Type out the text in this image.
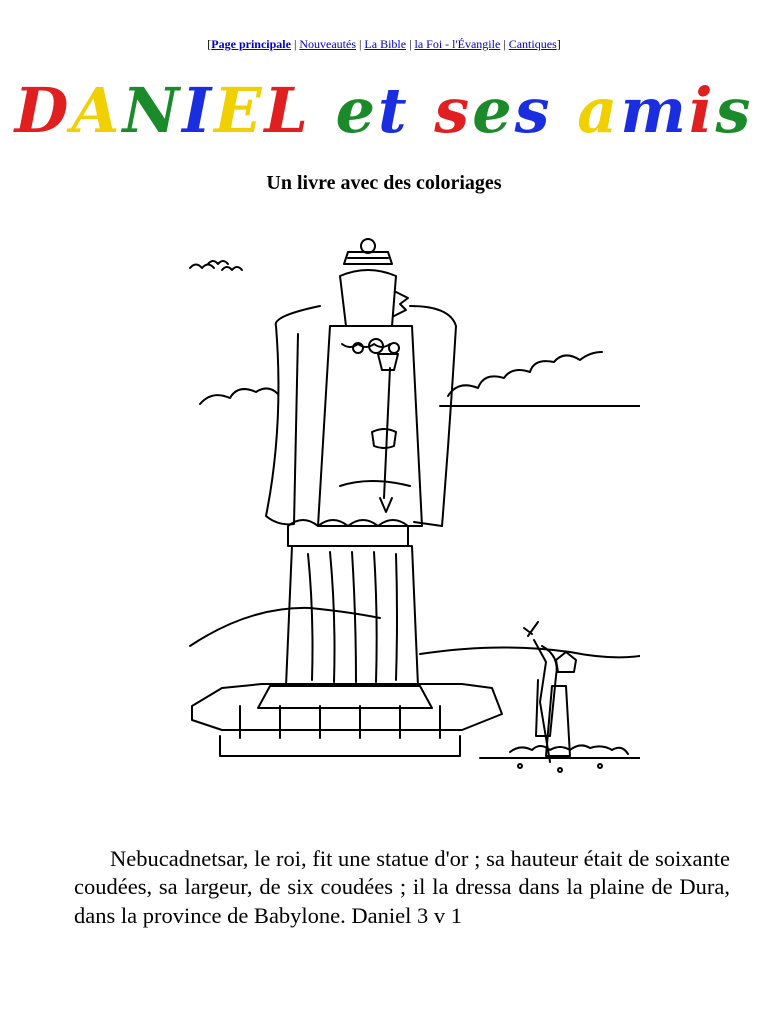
[Page principale | Nouveautés | La Bible | la Foi - l'Évangile | Cantiques]
DANIEL et ses amis
Un livre avec des coloriages

Nebucadnetsar, le roi, fit une statue d'or ; sa hauteur était de soixante coudées, sa largeur, de six coudées ; il la dressa dans la plaine de Dura, dans la province de Babylone. Daniel 3 v 1
